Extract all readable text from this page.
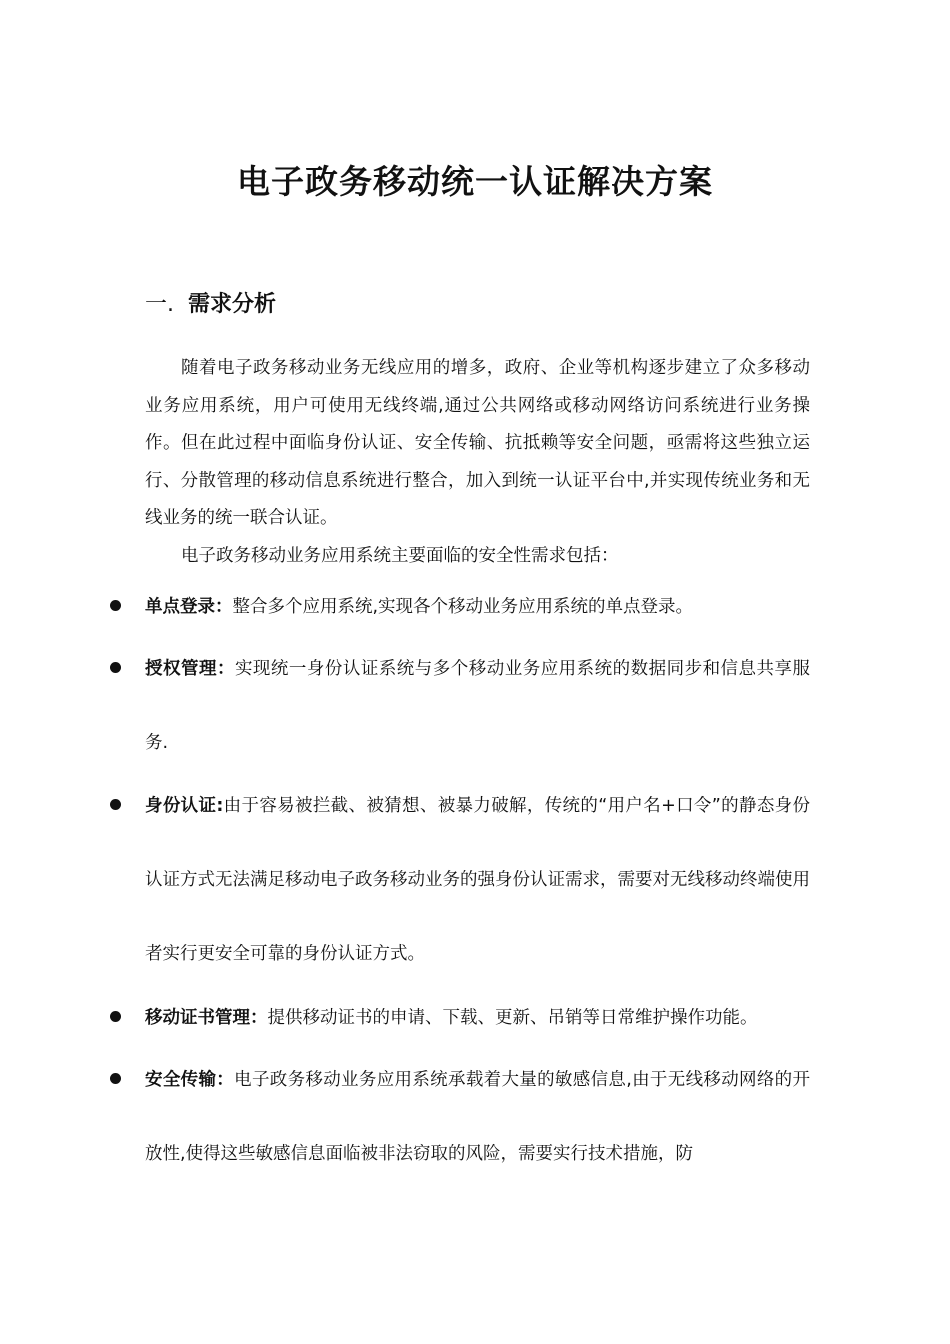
电子政务移动统一认证解决方案
一. 需求分析

随着电子政务移动业务无线应用的增多，政府、企业等机构逐步建立了众多移动业务应用系统，用户可使用无线终端,通过公共网络或移动网络访问系统进行业务操作。但在此过程中面临身份认证、安全传输、抗抵赖等安全问题，亟需将这些独立运行、分散管理的移动信息系统进行整合，加入到统一认证平台中,并实现传统业务和无线业务的统一联合认证。

电子政务移动业务应用系统主要面临的安全性需求包括：

单点登录：整合多个应用系统,实现各个移动业务应用系统的单点登录。

授权管理：实现统一身份认证系统与多个移动业务应用系统的数据同步和信息共享服务.

身份认证:由于容易被拦截、被猜想、被暴力破解，传统的“用户名+口令”的静态身份认证方式无法满足移动电子政务移动业务的强身份认证需求，需要对无线移动终端使用者实行更安全可靠的身份认证方式。

移动证书管理：提供移动证书的申请、下载、更新、吊销等日常维护操作功能。

安全传输：电子政务移动业务应用系统承载着大量的敏感信息,由于无线移动网络的开放性,使得这些敏感信息面临被非法窃取的风险，需要实行技术措施，防
